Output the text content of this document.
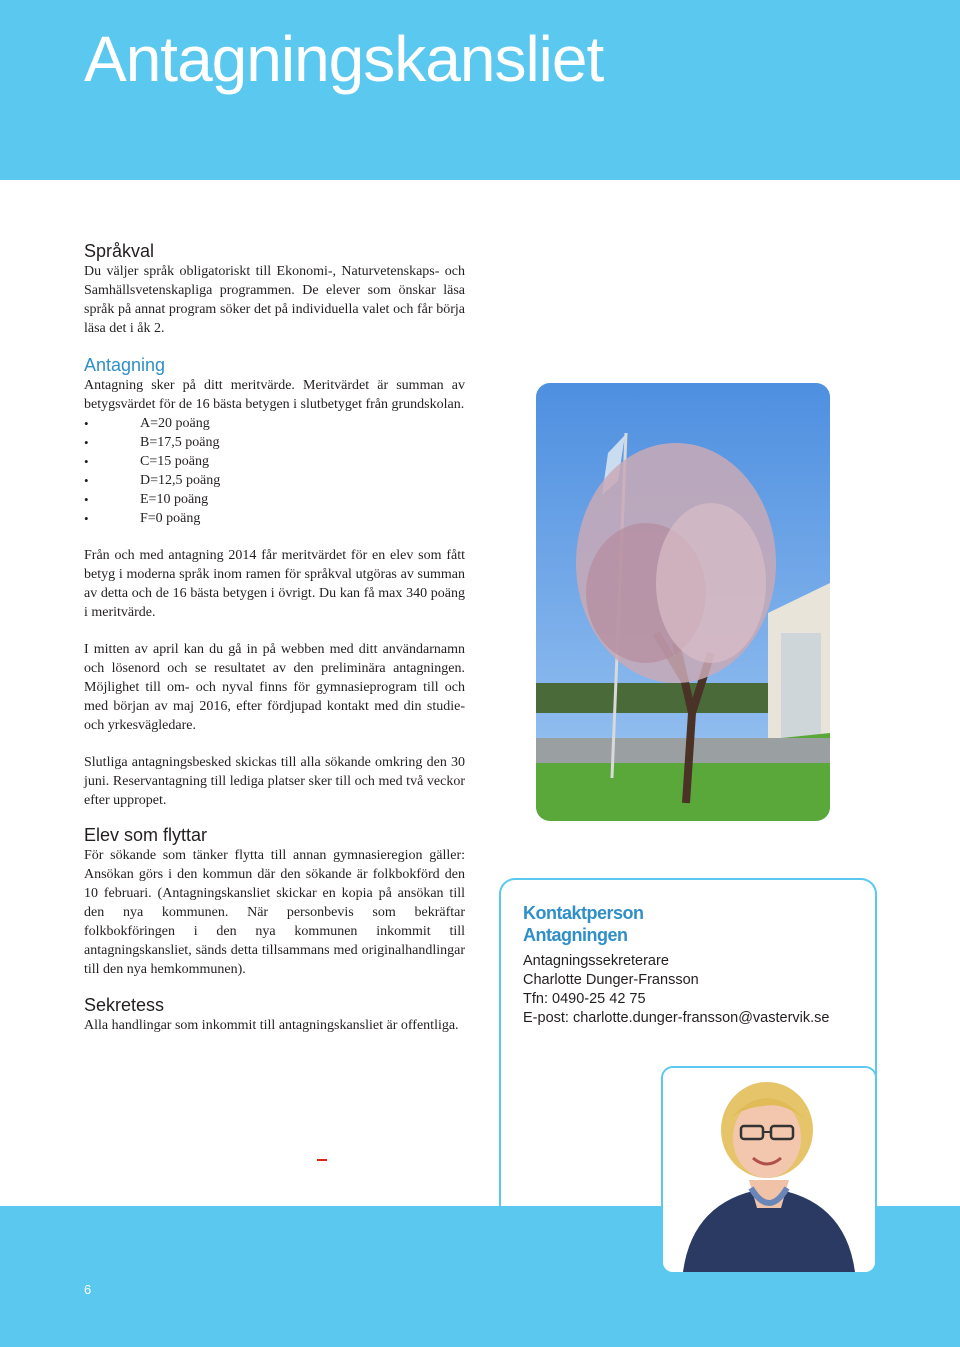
Antagningskansliet
Språkval

Du väljer språk obligatoriskt till Ekonomi-, Naturvetenskaps- och Samhällsvetenskapliga programmen. De elever som önskar läsa språk på annat program söker det på individuella valet och får börja läsa det i åk 2.

Antagning

Antagning sker på ditt meritvärde. Meritvärdet är summan av betygsvärdet för de 16 bästa betygen i slutbetyget från grundskolan.

• A=20 poäng
• B=17,5 poäng
• C=15 poäng
• D=12,5 poäng
• E=10 poäng
• F=0 poäng

Från och med antagning 2014 får meritvärdet för en elev som fått betyg i moderna språk inom ramen för språkval utgöras av summan av detta och de 16 bästa betygen i övrigt. Du kan få max 340 poäng i meritvärde.

I mitten av april kan du gå in på webben med ditt användarnamn och lösenord och se resultatet av den preliminära antagningen. Möjlighet till om- och nyval finns för gymnasieprogram till och med början av maj 2016, efter fördjupad kontakt med din studie- och yrkesvägledare.

Slutliga antagningsbesked skickas till alla sökande omkring den 30 juni. Reservantagning till lediga platser sker till och med två veckor efter uppropet.

Elev som flyttar

För sökande som tänker flytta till annan gymnasieregion gäller: Ansökan görs i den kommun där den sökande är folkbokförd den 10 februari. (Antagningskansliet skickar en kopia på ansökan till den nya kommunen. När personbevis som bekräftar folkbokföringen i den nya kommunen inkommit till antagningskansliet, sänds detta tillsammans med originalhandlingar till den nya hemkommunen).

Sekretess

Alla handlingar som inkommit till antagningskansliet är offentliga.

Kontaktperson
Antagningen
Antagningssekreterare
Charlotte Dunger-Fransson
Tfn: 0490-25 42 75
E-post: charlotte.dunger-fransson@vastervik.se
6
